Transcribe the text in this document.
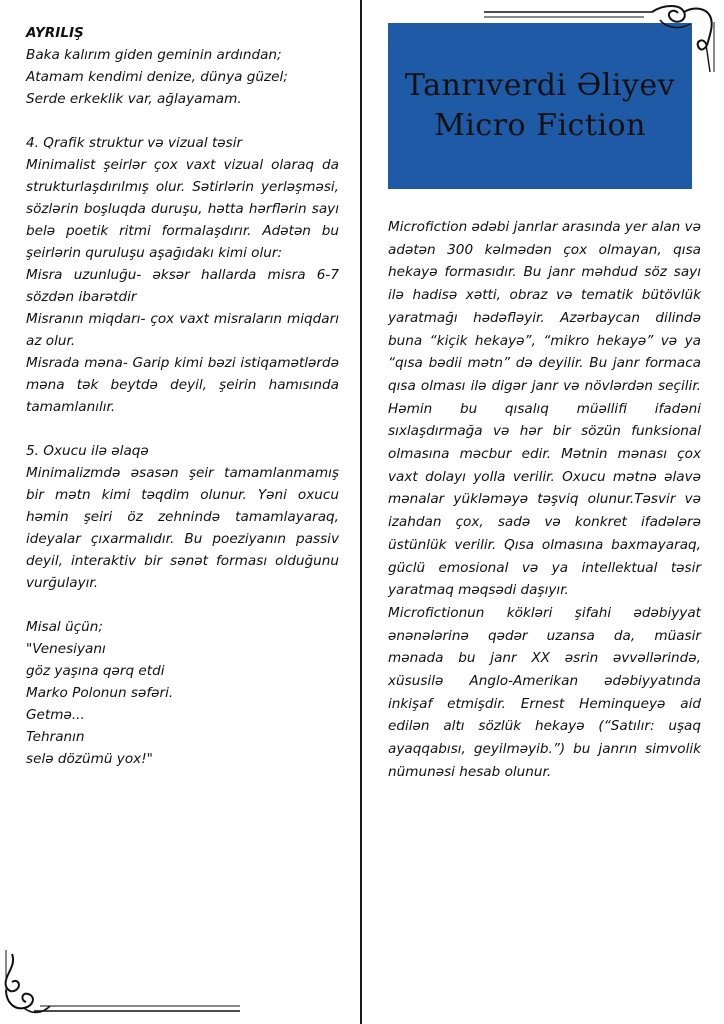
AYRILIŞ

Baka kalırım giden geminin ardından;

Atamam kendimi denize, dünya güzel;

Serde erkeklik var, ağlayamam.

4. Qrafik struktur və vizual təsir

Minimalist şeirlər çox vaxt vizual olaraq da strukturlaşdırılmış olur. Sətirlərin yerləşməsi, sözlərin boşluqda duruşu, hətta hərflərin sayı belə poetik ritmi formalaşdırır. Adətən bu şeirlərin quruluşu aşağıdakı kimi olur:

Misra uzunluğu- əksər hallarda misra 6-7 sözdən ibarətdir

Misranın miqdarı- çox vaxt misraların miqdarı az olur.

Misrada məna- Garip kimi bəzi istiqamətlərdə məna tək beytdə deyil, şeirin hamısında tamamlanılır.

5. Oxucu ilə əlaqə

Minimalizmdə əsasən şeir tamamlanmamış bir mətn kimi təqdim olunur. Yəni oxucu həmin şeiri öz zehnində tamamlayaraq, ideyalar çıxarmalıdır. Bu poeziyanın passiv deyil, interaktiv bir sənət forması olduğunu vurğulayır.

Misal üçün;

"Venesiyanı

göz yaşına qərq etdi

Marko Polonun səfəri.

Getmə...

Tehranın

selə dözümü yox!"

Tanrıverdi Əliyev
Micro Fiction

Microfiction ədəbi janrlar arasında yer alan və adətən 300 kəlmədən çox olmayan, qısa hekayə formasıdır. Bu janr məhdud söz sayı ilə hadisə xətti, obraz və tematik bütövlük yaratmağı hədəfləyir. Azərbaycan dilində buna “kiçik hekayə”, “mikro hekayə” və ya “qısa bədii mətn” də deyilir. Bu janr formaca qısa olması ilə digər janr və növlərdən seçilir. Həmin bu qısalıq müəllifi ifadəni sıxlaşdırmağa və hər bir sözün funksional olmasına məcbur edir. Mətnin mənası çox vaxt dolayı yolla verilir. Oxucu mətnə əlavə mənalar yükləməyə təşviq olunur.Təsvir və izahdan çox, sadə və konkret ifadələrə üstünlük verilir. Qısa olmasına baxmayaraq, güclü emosional və ya intellektual təsir yaratmaq məqsədi daşıyır.

Microfictionun kökləri şifahi ədəbiyyat ənənələrinə qədər uzansa da, müasir mənada bu janr XX əsrin əvvəllərində, xüsusilə Anglo-Amerikan ədəbiyyatında inkişaf etmişdir. Ernest Heminqueyə aid edilən altı sözlük hekayə (“Satılır: uşaq ayaqqabısı, geyilməyib.”) bu janrın simvolik nümunəsi hesab olunur.
